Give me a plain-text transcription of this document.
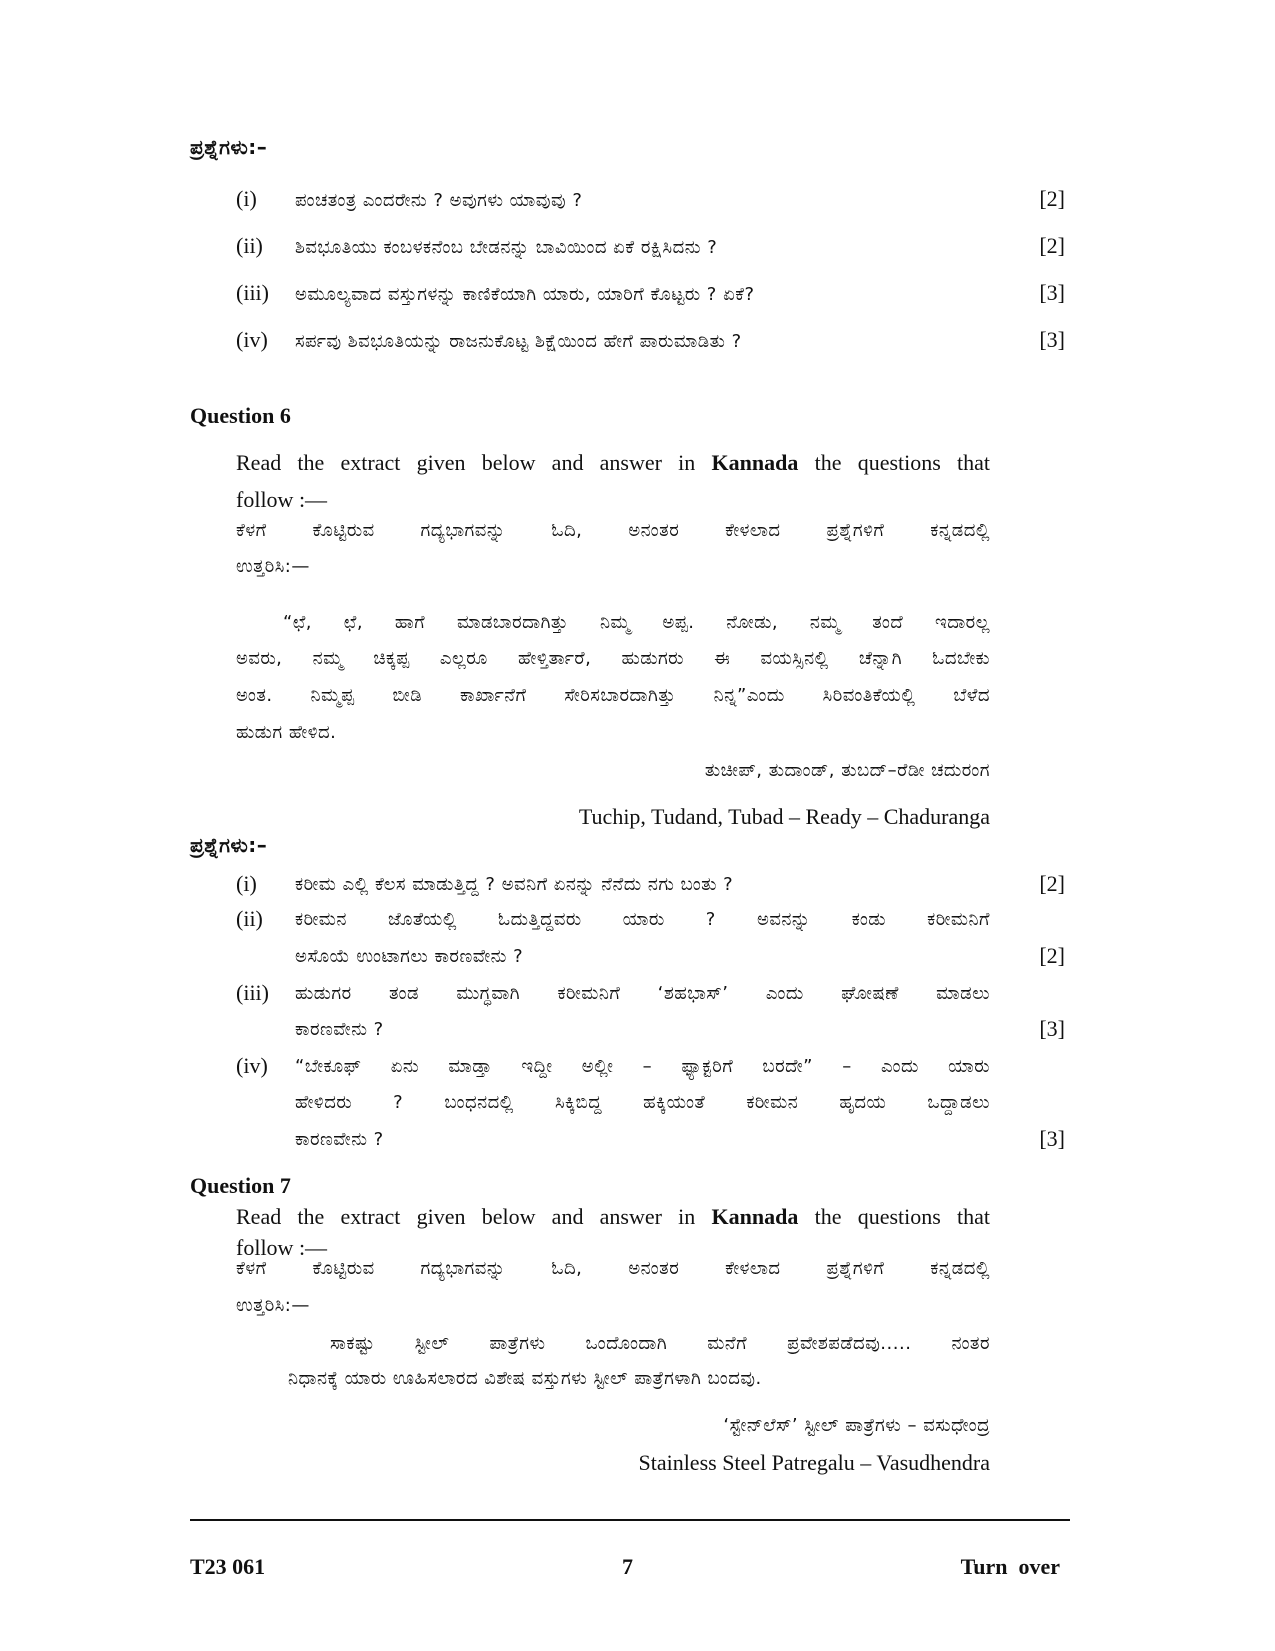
ಪ್ರಶ್ನೆಗಳು:–
(i) ಪಂಚತಂತ್ರ ಎಂದರೇನು ? ಅವುಗಳು ಯಾವುವು ?	[2]
(ii) ಶಿವಭೂತಿಯು ಕಂಬಳಕನೆಂಬ ಬೇಡನನ್ನು ಬಾವಿಯಿಂದ ಏಕೆ ರಕ್ಷಿಸಿದನು ?	[2]
(iii) ಅಮೂಲ್ಯವಾದ ವಸ್ತುಗಳನ್ನು ಕಾಣಿಕೆಯಾಗಿ ಯಾರು, ಯಾರಿಗೆ ಕೊಟ್ಟರು ? ಏಕೆ?	[3]
(iv) ಸರ್ಪವು ಶಿವಭೂತಿಯನ್ನು ರಾಜನುಕೊಟ್ಟ ಶಿಕ್ಷೆಯಿಂದ ಹೇಗೆ ಪಾರುಮಾಡಿತು ?	[3]
Question 6
Read the extract given below and answer in Kannada the questions that
follow :—
ಕೆಳಗೆ ಕೊಟ್ಟಿರುವ ಗದ್ಯಭಾಗವನ್ನು ಓದಿ, ಅನಂತರ ಕೇಳಲಾದ ಪ್ರಶ್ನೆಗಳಿಗೆ ಕನ್ನಡದಲ್ಲಿ
ಉತ್ತರಿಸಿ:—
“ಛೆ, ಛೆ, ಹಾಗೆ ಮಾಡಬಾರದಾಗಿತ್ತು ನಿಮ್ಮ ಅಪ್ಪ. ನೋಡು, ನಮ್ಮ ತಂದೆ ಇದಾರಲ್ಲ
ಅವರು, ನಮ್ಮ ಚಿಕ್ಕಪ್ಪ ಎಲ್ಲರೂ ಹೇಳ್ತಿರ್ತಾರೆ, ಹುಡುಗರು ಈ ವಯಸ್ಸಿನಲ್ಲಿ ಚೆನ್ನಾಗಿ ಓದಬೇಕು
ಅಂತ. ನಿಮ್ಮಪ್ಪ ಬೀಡಿ ಕಾರ್ಖಾನೆಗೆ ಸೇರಿಸಬಾರದಾಗಿತ್ತು ನಿನ್ನ”ಎಂದು ಸಿರಿವಂತಿಕೆಯಲ್ಲಿ ಬೆಳೆದ
ಹುಡುಗ ಹೇಳಿದ.
ತುಚೀಪ್, ತುದಾಂಡ್, ತುಬದ್–ರೆಡೀ ಚದುರಂಗ
Tuchip, Tudand, Tubad – Ready – Chaduranga
ಪ್ರಶ್ನೆಗಳು:–
(i) ಕರೀಮ ಎಲ್ಲಿ ಕೆಲಸ ಮಾಡುತ್ತಿದ್ದ ? ಅವನಿಗೆ ಏನನ್ನು ನೆನೆದು ನಗು ಬಂತು ?	[2]
(ii) ಕರೀಮನ ಜೊತೆಯಲ್ಲಿ ಓದುತ್ತಿದ್ದವರು ಯಾರು ? ಅವನನ್ನು ಕಂಡು ಕರೀಮನಿಗೆ
ಅಸೊಯೆ ಉಂಟಾಗಲು ಕಾರಣವೇನು ?	[2]
(iii) ಹುಡುಗರ ತಂಡ ಮುಗ್ಧವಾಗಿ ಕರೀಮನಿಗೆ ‘ಶಹಭಾಸ್’ ಎಂದು ಘೋಷಣೆ ಮಾಡಲು
ಕಾರಣವೇನು ?	[3]
(iv) “ಬೇಕೂಫ್ ಏನು ಮಾಡ್ತಾ ಇದ್ದೀ ಅಲ್ಲೀ – ಫ್ಯಾಕ್ಟರಿಗೆ ಬರದೇ” – ಎಂದು ಯಾರು
ಹೇಳಿದರು ? ಬಂಧನದಲ್ಲಿ ಸಿಕ್ಕಿಬಿದ್ದ ಹಕ್ಕಿಯಂತೆ ಕರೀಮನ ಹೃದಯ ಒದ್ದಾಡಲು
ಕಾರಣವೇನು ?	[3]
Question 7
Read the extract given below and answer in Kannada the questions that
follow :—
ಕೆಳಗೆ ಕೊಟ್ಟಿರುವ ಗದ್ಯಭಾಗವನ್ನು ಓದಿ, ಅನಂತರ ಕೇಳಲಾದ ಪ್ರಶ್ನೆಗಳಿಗೆ ಕನ್ನಡದಲ್ಲಿ
ಉತ್ತರಿಸಿ:—
ಸಾಕಷ್ಟು ಸ್ಟೀಲ್ ಪಾತ್ರೆಗಳು ಒಂದೊಂದಾಗಿ ಮನೆಗೆ ಪ್ರವೇಶಪಡೆದವು..... ನಂತರ
ನಿಧಾನಕ್ಕೆ ಯಾರು ಊಹಿಸಲಾರದ ವಿಶೇಷ ವಸ್ತುಗಳು ಸ್ಟೀಲ್ ಪಾತ್ರೆಗಳಾಗಿ ಬಂದವು.
‘ಸ್ಟೇನ್‌ಲೆಸ್’ ಸ್ಟೀಲ್ ಪಾತ್ರೆಗಳು – ವಸುಧೇಂದ್ರ
Stainless Steel Patregalu – Vasudhendra
T23 061	7	Turn  over
